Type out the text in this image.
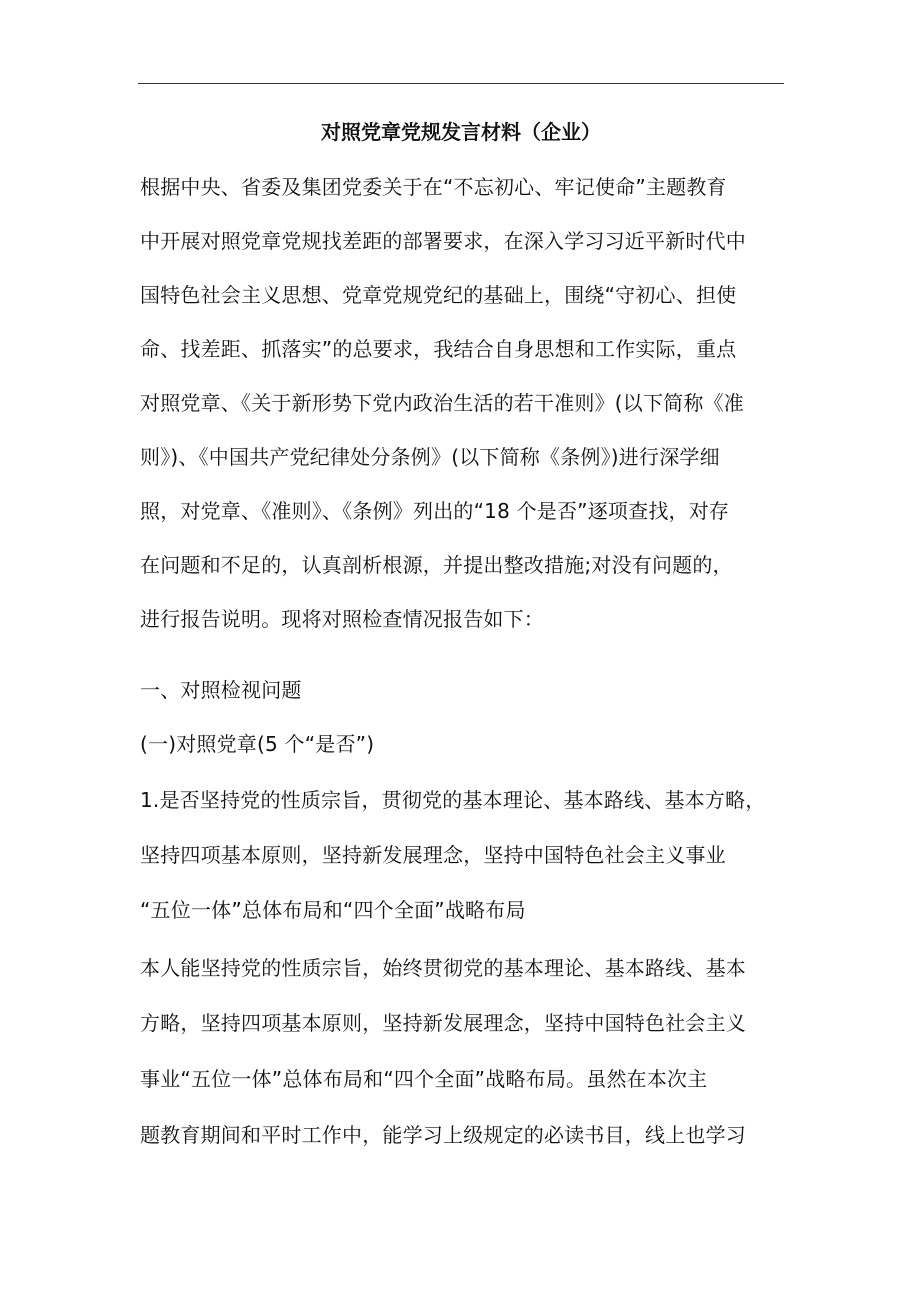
对照党章党规发言材料（企业）
根据中央、省委及集团党委关于在“不忘初心、牢记使命”主题教育
中开展对照党章党规找差距的部署要求，在深入学习习近平新时代中
国特色社会主义思想、党章党规党纪的基础上，围绕“守初心、担使
命、找差距、抓落实”的总要求，我结合自身思想和工作实际，重点
对照党章、《关于新形势下党内政治生活的若干准则》(以下简称《准
则》)、《中国共产党纪律处分条例》(以下简称《条例》)进行深学细
照，对党章、《准则》、《条例》列出的“18 个是否”逐项查找，对存
在问题和不足的，认真剖析根源，并提出整改措施;对没有问题的，
进行报告说明。现将对照检查情况报告如下：
一、对照检视问题
(一)对照党章(5 个“是否”)
1.是否坚持党的性质宗旨，贯彻党的基本理论、基本路线、基本方略，
坚持四项基本原则，坚持新发展理念，坚持中国特色社会主义事业
“五位一体”总体布局和“四个全面”战略布局
本人能坚持党的性质宗旨，始终贯彻党的基本理论、基本路线、基本
方略，坚持四项基本原则，坚持新发展理念，坚持中国特色社会主义
事业“五位一体”总体布局和“四个全面”战略布局。虽然在本次主
题教育期间和平时工作中，能学习上级规定的必读书目，线上也学习
